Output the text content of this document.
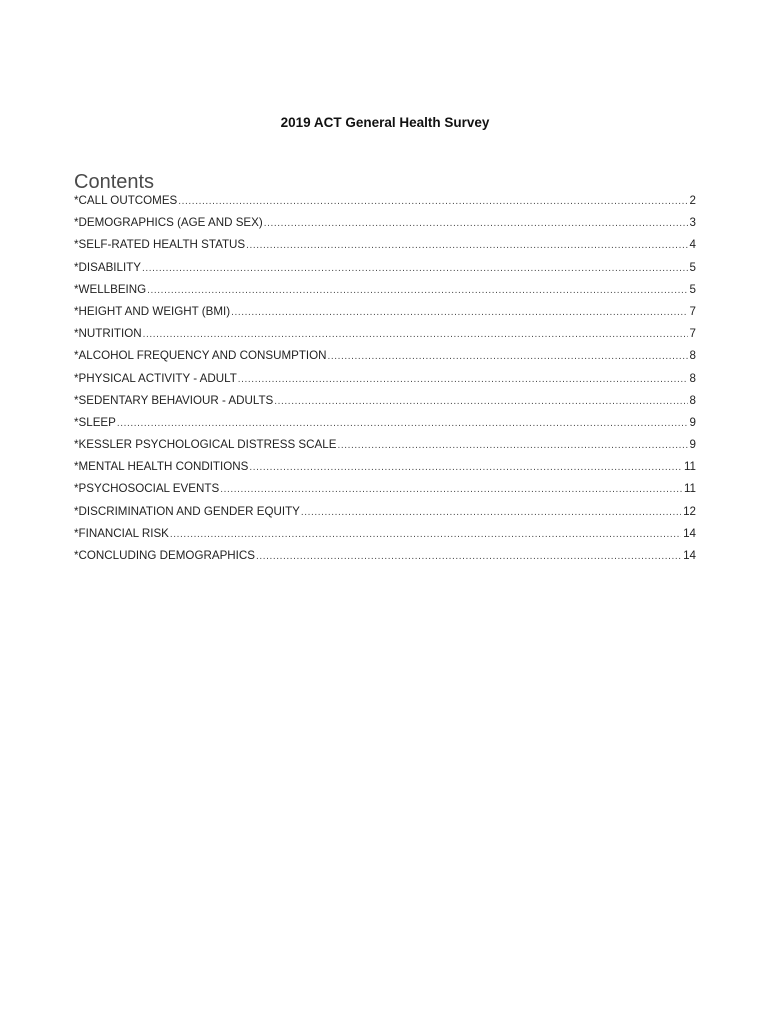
2019 ACT General Health Survey
Contents
*CALL OUTCOMES .....	2
*DEMOGRAPHICS (AGE AND SEX) .....	3
*SELF-RATED HEALTH STATUS .....	4
*DISABILITY .....	5
*WELLBEING .....	5
*HEIGHT AND WEIGHT (BMI) .....	7
*NUTRITION .....	7
*ALCOHOL FREQUENCY AND CONSUMPTION .....	8
*PHYSICAL ACTIVITY - ADULT .....	8
*SEDENTARY BEHAVIOUR - ADULTS .....	8
*SLEEP .....	9
*KESSLER PSYCHOLOGICAL DISTRESS SCALE .....	9
*MENTAL HEALTH CONDITIONS .....	11
*PSYCHOSOCIAL EVENTS .....	11
*DISCRIMINATION AND GENDER EQUITY .....	12
*FINANCIAL RISK .....	14
*CONCLUDING DEMOGRAPHICS .....	14
